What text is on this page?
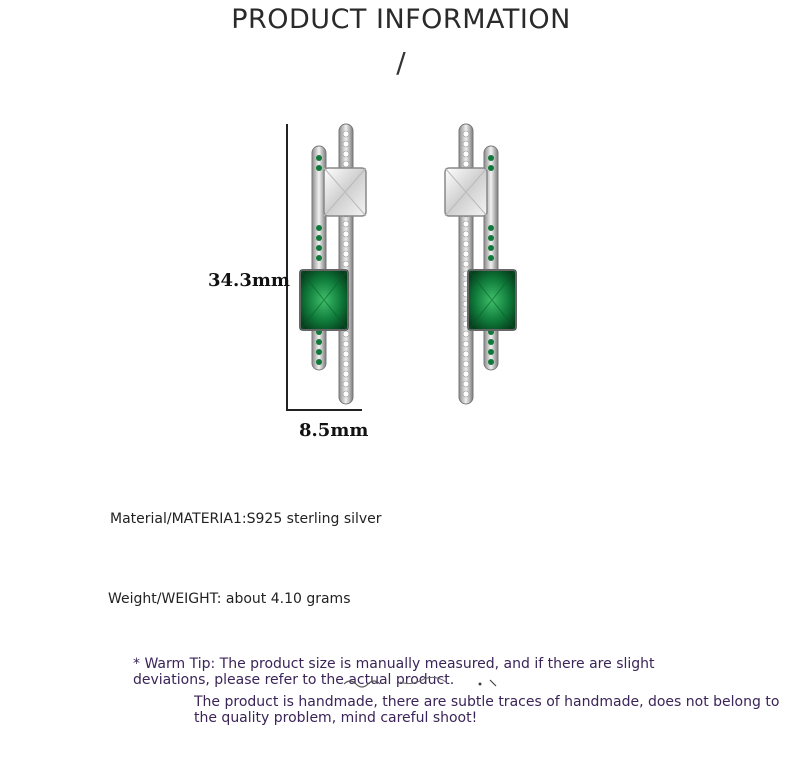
PRODUCT INFORMATION
/
34.3mm
8.5mm
Material/MATERIA1:S925 sterling silver
Weight/WEIGHT: about 4.10 grams
* Warm Tip: The product size is manually measured, and if there are slight deviations, please refer to the actual product.
The product is handmade, there are subtle traces of handmade, does not belong to the quality problem, mind careful shoot!
